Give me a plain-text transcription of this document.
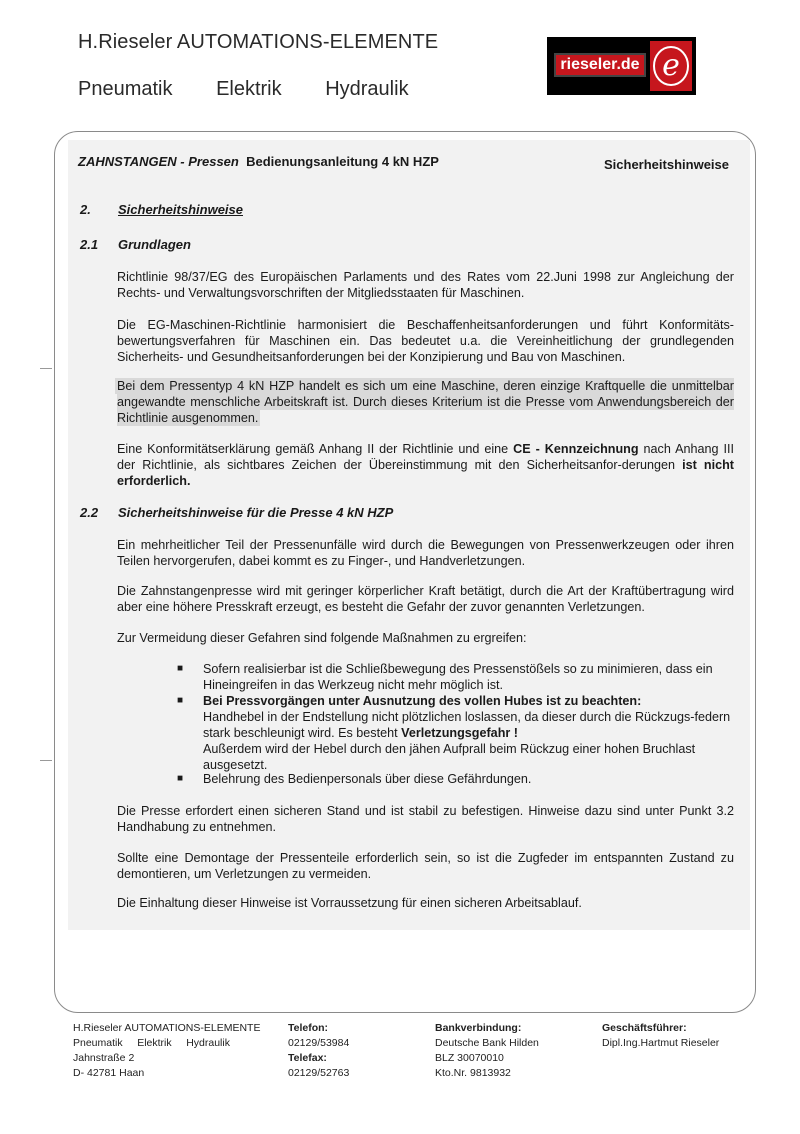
H.Rieseler AUTOMATIONS-ELEMENTE
Pneumatik Elektrik Hydraulik
rieseler.de e
ZAHNSTANGEN - Pressen Bedienungsanleitung 4 kN HZP	Sicherheitshinweise
2. Sicherheitshinweise
2.1 Grundlagen
Richtlinie 98/37/EG des Europäischen Parlaments und des Rates vom 22.Juni 1998 zur Angleichung der Rechts- und Verwaltungsvorschriften der Mitgliedsstaaten für Maschinen.
Die EG-Maschinen-Richtlinie harmonisiert die Beschaffenheitsanforderungen und führt Konformitäts-bewertungsverfahren für Maschinen ein. Das bedeutet u.a. die Vereinheitlichung der grundlegenden Sicherheits- und Gesundheitsanforderungen bei der Konzipierung und Bau von Maschinen.
Bei dem Pressentyp 4 kN HZP handelt es sich um eine Maschine, deren einzige Kraftquelle die unmittelbar angewandte menschliche Arbeitskraft ist. Durch dieses Kriterium ist die Presse vom Anwendungsbereich der Richtlinie ausgenommen.
Eine Konformitätserklärung gemäß Anhang II der Richtlinie und eine CE - Kennzeichnung nach Anhang III der Richtlinie, als sichtbares Zeichen der Übereinstimmung mit den Sicherheitsanfor-derungen ist nicht erforderlich.
2.2 Sicherheitshinweise für die Presse 4 kN HZP
Ein mehrheitlicher Teil der Pressenunfälle wird durch die Bewegungen von Pressenwerkzeugen oder ihren Teilen hervorgerufen, dabei kommt es zu Finger-, und Handverletzungen.
Die Zahnstangenpresse wird mit geringer körperlicher Kraft betätigt, durch die Art der Kraftübertragung wird aber eine höhere Presskraft erzeugt, es besteht die Gefahr der zuvor genannten Verletzungen.
Zur Vermeidung dieser Gefahren sind folgende Maßnahmen zu ergreifen:
■ Sofern realisierbar ist die Schließbewegung des Pressenstößels so zu minimieren, dass ein Hineingreifen in das Werkzeug nicht mehr möglich ist.
■ Bei Pressvorgängen unter Ausnutzung des vollen Hubes ist zu beachten:
Handhebel in der Endstellung nicht plötzlichen loslassen, da dieser durch die Rückzugs-federn stark beschleunigt wird. Es besteht Verletzungsgefahr !
Außerdem wird der Hebel durch den jähen Aufprall beim Rückzug einer hohen Bruchlast ausgesetzt.
■ Belehrung des Bedienpersonals über diese Gefährdungen.
Die Presse erfordert einen sicheren Stand und ist stabil zu befestigen. Hinweise dazu sind unter Punkt 3.2 Handhabung zu entnehmen.
Sollte eine Demontage der Pressenteile erforderlich sein, so ist die Zugfeder im entspannten Zustand zu demontieren, um Verletzungen zu vermeiden.
Die Einhaltung dieser Hinweise ist Vorraussetzung für einen sicheren Arbeitsablauf.
H.Rieseler AUTOMATIONS-ELEMENTE
Pneumatik     Elektrik     Hydraulik
Jahnstraße 2
D- 42781 Haan
Telefon:
02129/53984
Telefax:
02129/52763
Bankverbindung:
Deutsche Bank Hilden
BLZ 30070010
Kto.Nr. 9813932
Geschäftsführer:
Dipl.Ing.Hartmut Rieseler
